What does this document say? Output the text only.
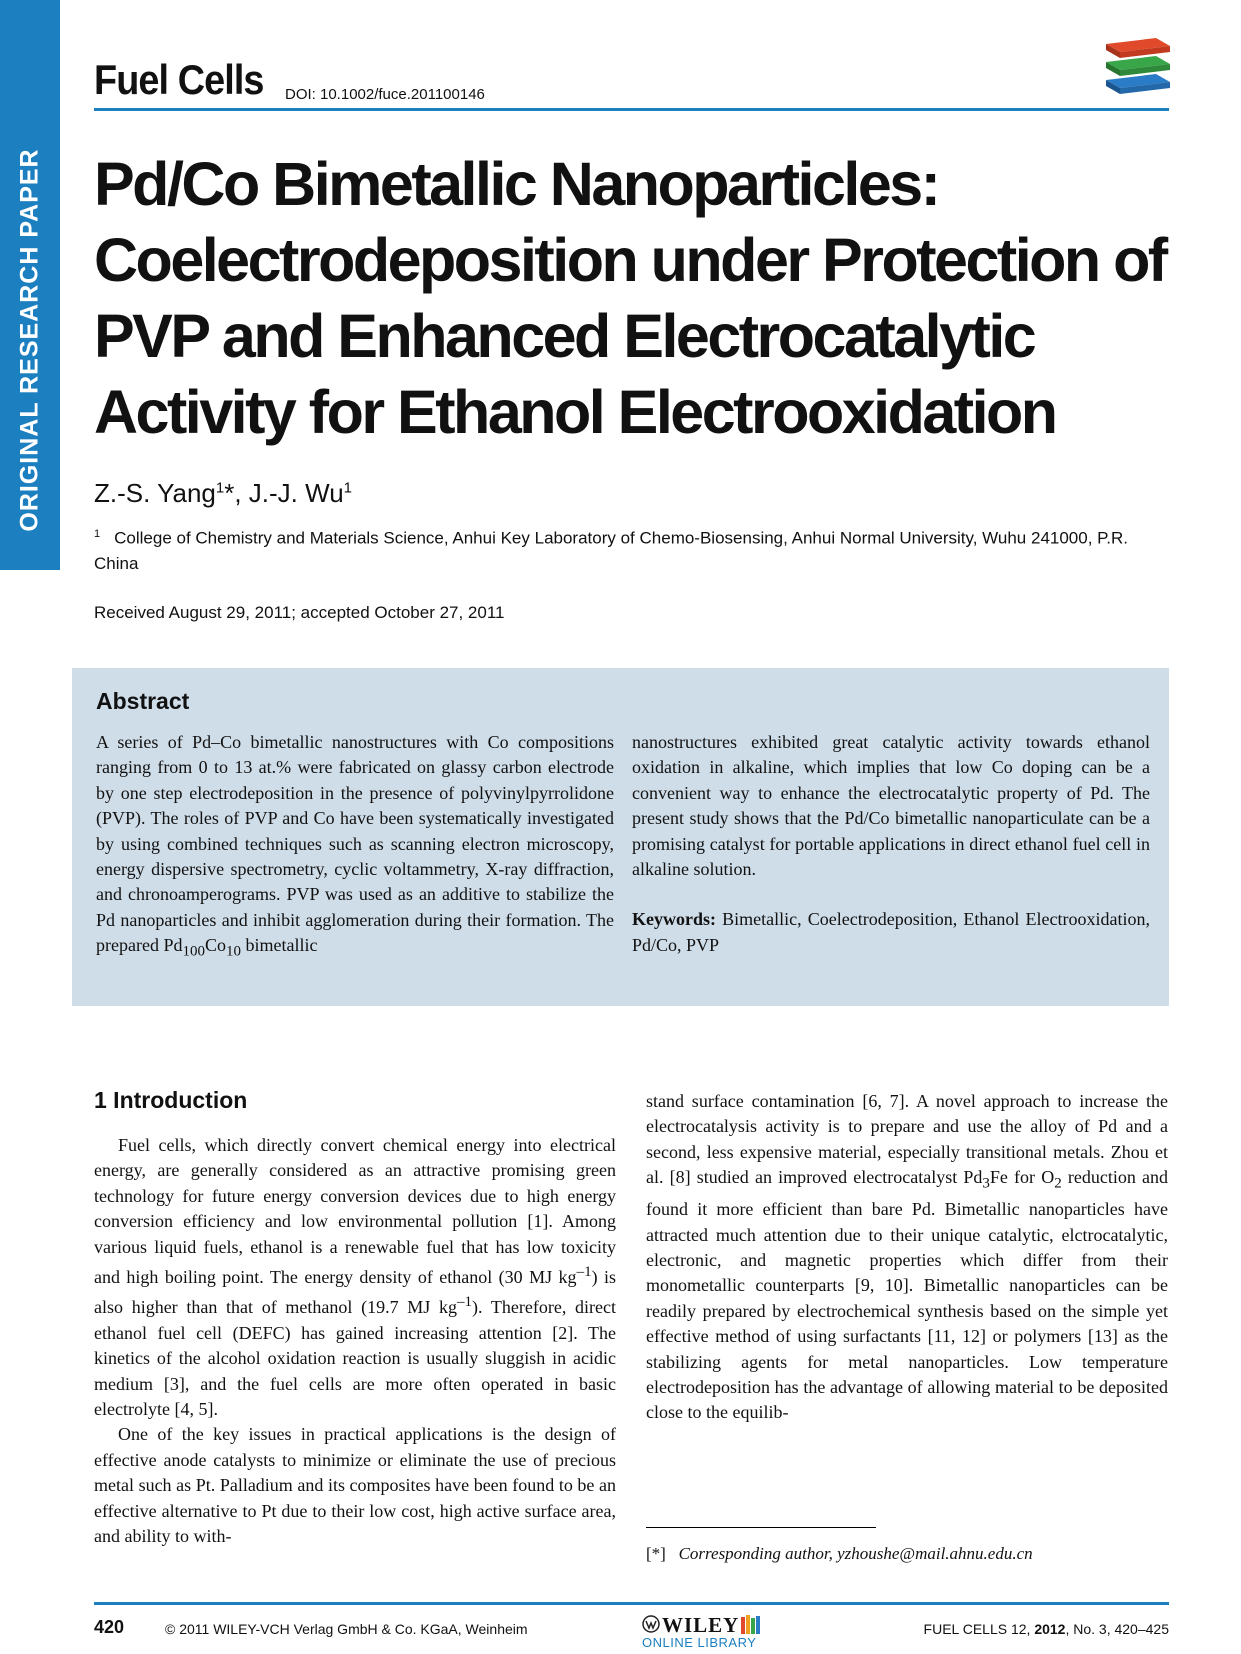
ORIGINAL RESEARCH PAPER
Fuel Cells DOI: 10.1002/fuce.201100146
Pd/Co Bimetallic Nanoparticles:
Coelectrodeposition under Protection of
PVP and Enhanced Electrocatalytic
Activity for Ethanol Electrooxidation
Z.-S. Yang$^1$*, J.-J. Wu$^1$
$^1$ College of Chemistry and Materials Science, Anhui Key Laboratory of Chemo-Biosensing, Anhui Normal University, Wuhu 241000, P.R. China
Received August 29, 2011; accepted October 27, 2011
Abstract

A series of Pd–Co bimetallic nanostructures with Co compositions ranging from 0 to 13 at.% were fabricated on glassy carbon electrode by one step electrodeposition in the presence of polyvinylpyrrolidone (PVP). The roles of PVP and Co have been systematically investigated by using combined techniques such as scanning electron microscopy, energy dispersive spectrometry, cyclic voltammetry, X-ray diffraction, and chronoamperograms. PVP was used as an additive to stabilize the Pd nanoparticles and inhibit agglomeration during their formation. The prepared $Pd_{100}Co_{10}$ bimetallic

nanostructures exhibited great catalytic activity towards ethanol oxidation in alkaline, which implies that low Co doping can be a convenient way to enhance the electrocatalytic property of Pd. The present study shows that the Pd/Co bimetallic nanoparticulate can be a promising catalyst for portable applications in direct ethanol fuel cell in alkaline solution.

Keywords: Bimetallic, Coelectrodeposition, Ethanol Electrooxidation, Pd/Co, PVP

1 Introduction

Fuel cells, which directly convert chemical energy into electrical energy, are generally considered as an attractive promising green technology for future energy conversion devices due to high energy conversion efficiency and low environmental pollution [1]. Among various liquid fuels, ethanol is a renewable fuel that has low toxicity and high boiling point. The energy density of ethanol (30 MJ $kg^{-1}$) is also higher than that of methanol (19.7 MJ $kg^{-1}$). Therefore, direct ethanol fuel cell (DEFC) has gained increasing attention [2]. The kinetics of the alcohol oxidation reaction is usually sluggish in acidic medium [3], and the fuel cells are more often operated in basic electrolyte [4, 5].

One of the key issues in practical applications is the design of effective anode catalysts to minimize or eliminate the use of precious metal such as Pt. Palladium and its composites have been found to be an effective alternative to Pt due to their low cost, high active surface area, and ability to with-

stand surface contamination [6, 7]. A novel approach to increase the electrocatalysis activity is to prepare and use the alloy of Pd and a second, less expensive material, especially transitional metals. Zhou et al. [8] studied an improved electrocatalyst $Pd_3Fe$ for $O_2$ reduction and found it more efficient than bare Pd. Bimetallic nanoparticles have attracted much attention due to their unique catalytic, elctrocatalytic, electronic, and magnetic properties which differ from their monometallic counterparts [9, 10]. Bimetallic nanoparticles can be readily prepared by electrochemical synthesis based on the simple yet effective method of using surfactants [11, 12] or polymers [13] as the stabilizing agents for metal nanoparticles. Low temperature electrodeposition has the advantage of allowing material to be deposited close to the equilib-

[*] Corresponding author, yzhoushe@mail.ahnu.edu.cn
420	© 2011 WILEY-VCH Verlag GmbH & Co. KGaA, Weinheim	WILEY
ONLINE LIBRARY
FUEL CELLS 12, 2012, No. 3, 420–425
